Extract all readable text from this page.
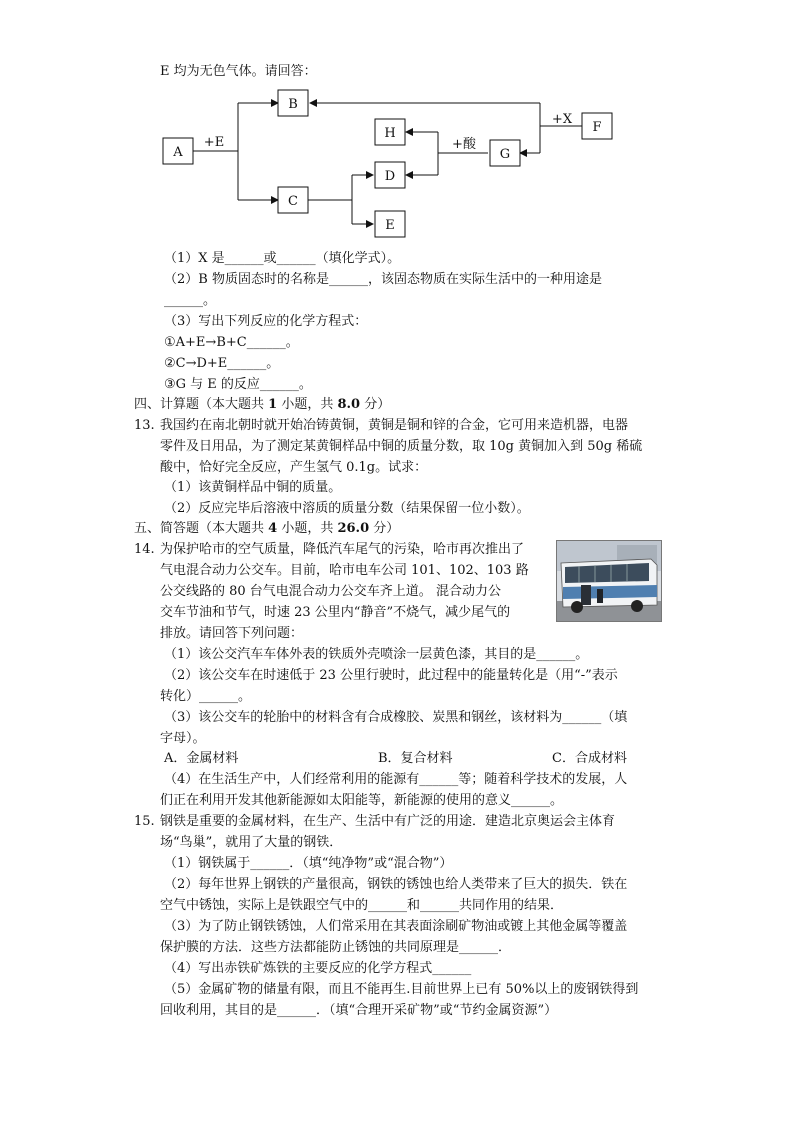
E 均为无色气体。请回答：
A
B
C
D
E
H
G
F
+E
+X
+酸
（1）X 是______或______（填化学式）。
（2）B 物质固态时的名称是______，该固态物质在实际生活中的一种用途是
______。
（3）写出下列反应的化学方程式：
①A+E→B+C______。
②C→D+E______。
③G 与 E 的反应______。
四、计算题（本大题共 1 小题，共 8.0 分）
13. 我国约在南北朝时就开始冶铸黄铜，黄铜是铜和锌的合金，它可用来造机器，电器
零件及日用品，为了测定某黄铜样品中铜的质量分数，取 10g 黄铜加入到 50g 稀硫
酸中，恰好完全反应，产生氢气 0.1g。试求：
（1）该黄铜样品中铜的质量。
（2）反应完毕后溶液中溶质的质量分数（结果保留一位小数）。
五、简答题（本大题共 4 小题，共 26.0 分）
14. 为保护哈市的空气质量，降低汽车尾气的污染，哈市再次推出了
气电混合动力公交车。目前，哈市电车公司 101、102、103 路
公交线路的 80 台气电混合动力公交车齐上道。 混合动力公
交车节油和节气，时速 23 公里内“静音”不烧气，减少尾气的
排放。请回答下列问题：
（1）该公交汽车车体外表的铁质外壳喷涂一层黄色漆，其目的是______。
（2）该公交车在时速低于 23 公里行驶时，此过程中的能量转化是（用“-”表示
转化）______。
（3）该公交车的轮胎中的材料含有合成橡胶、炭黑和钢丝，该材料为______（填
字母）。
A．金属材料	B．复合材料	C．合成材料
（4）在生活生产中，人们经常利用的能源有______等；随着科学技术的发展，人
们正在利用开发其他新能源如太阳能等，新能源的使用的意义______。
15. 钢铁是重要的金属材料，在生产、生活中有广泛的用途．建造北京奥运会主体育
场“鸟巢”，就用了大量的钢铁．
（1）钢铁属于______．（填“纯净物”或“混合物”）
（2）每年世界上钢铁的产量很高，钢铁的锈蚀也给人类带来了巨大的损失．铁在
空气中锈蚀，实际上是铁跟空气中的______和______共同作用的结果．
（3）为了防止钢铁锈蚀，人们常采用在其表面涂刷矿物油或镀上其他金属等覆盖
保护膜的方法．这些方法都能防止锈蚀的共同原理是______．
（4）写出赤铁矿炼铁的主要反应的化学方程式______
（5）金属矿物的储量有限，而且不能再生.目前世界上已有 50%以上的废钢铁得到
回收利用，其目的是______．（填“合理开采矿物”或“节约金属资源”）
